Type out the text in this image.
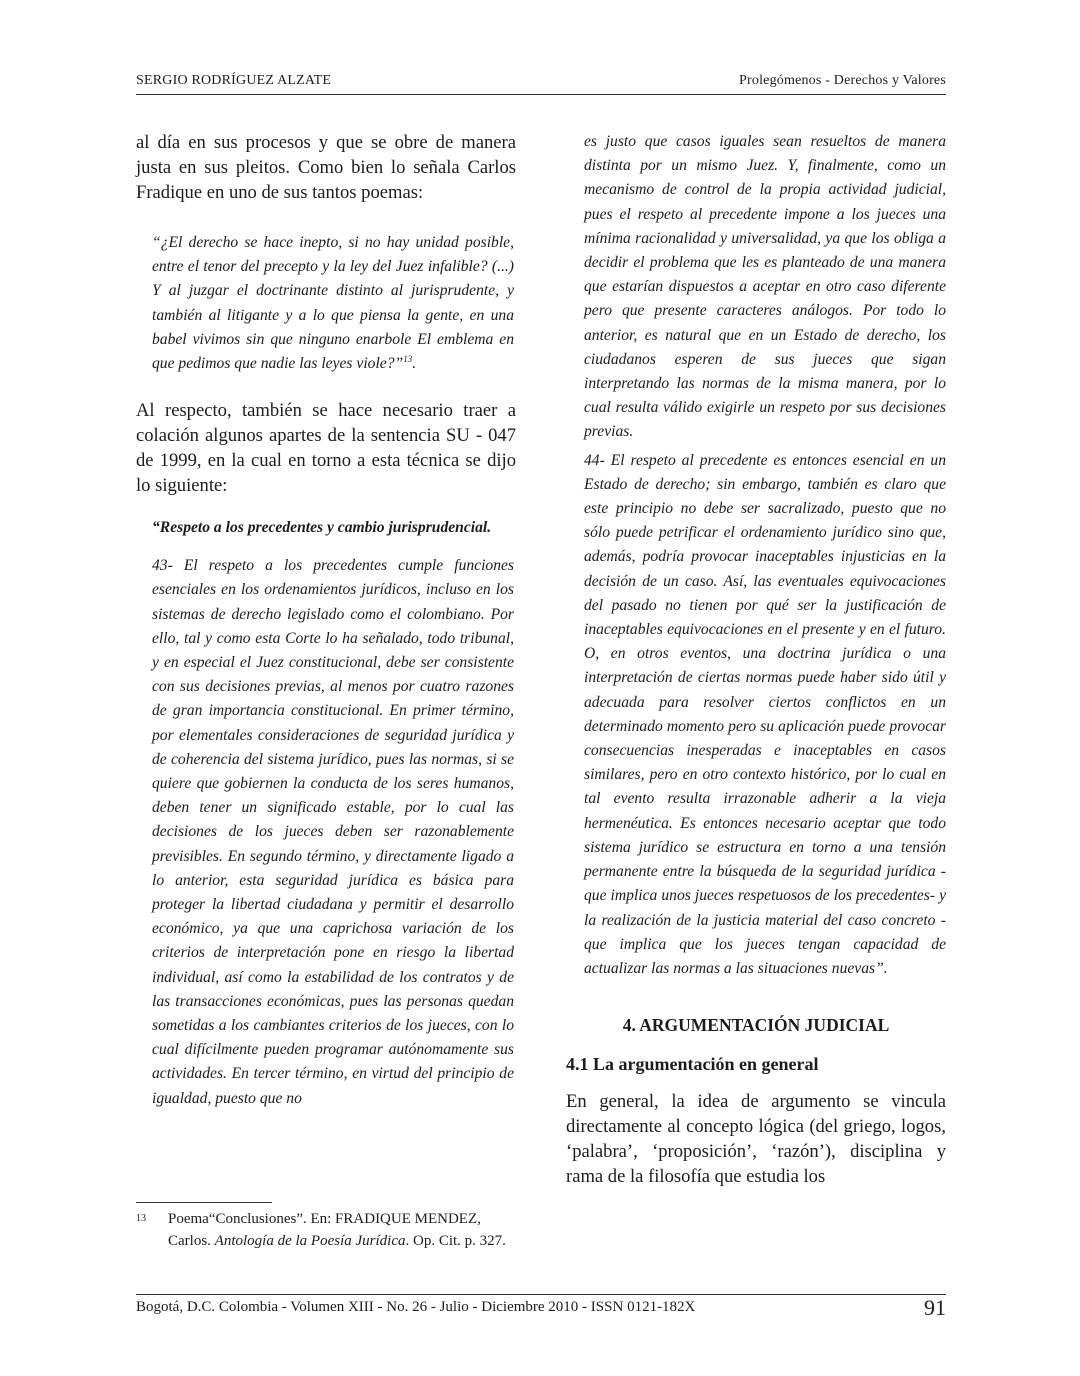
SERGIO RODRÍGUEZ ALZATE	Prolegómenos - Derechos y Valores

al día en sus procesos y que se obre de manera justa en sus pleitos. Como bien lo señala Carlos Fradique en uno de sus tantos poemas:

“¿El derecho se hace inepto, si no hay unidad posible, entre el tenor del precepto y la ley del Juez infalible? (...) Y al juzgar el doctrinante distinto al jurisprudente, y también al litigante y a lo que piensa la gente, en una babel vivimos sin que ninguno enarbole El emblema en que pedimos que nadie las leyes viole?”$^{13}$.

Al respecto, también se hace necesario traer a colación algunos apartes de la sentencia SU - 047 de 1999, en la cual en torno a esta técnica se dijo lo siguiente:

“Respeto a los precedentes y cambio jurisprudencial.

43- El respeto a los precedentes cumple funciones esenciales en los ordenamientos jurídicos, incluso en los sistemas de derecho legislado como el colombiano. Por ello, tal y como esta Corte lo ha señalado, todo tribunal, y en especial el Juez constitucional, debe ser consistente con sus decisiones previas, al menos por cuatro razones de gran importancia constitucional. En primer término, por elementales consideraciones de seguridad jurídica y de coherencia del sistema jurídico, pues las normas, si se quiere que gobiernen la conducta de los seres humanos, deben tener un significado estable, por lo cual las decisiones de los jueces deben ser razonablemente previsibles. En segundo término, y directamente ligado a lo anterior, esta seguridad jurídica es básica para proteger la libertad ciudadana y permitir el desarrollo económico, ya que una caprichosa variación de los criterios de interpretación pone en riesgo la libertad individual, así como la estabilidad de los contratos y de las transacciones económicas, pues las personas quedan sometidas a los cambiantes criterios de los jueces, con lo cual difícilmente pueden programar autónomamente sus actividades. En tercer término, en virtud del principio de igualdad, puesto que no

es justo que casos iguales sean resueltos de manera distinta por un mismo Juez. Y, finalmente, como un mecanismo de control de la propia actividad judicial, pues el respeto al precedente impone a los jueces una mínima racionalidad y universalidad, ya que los obliga a decidir el problema que les es planteado de una manera que estarían dispuestos a aceptar en otro caso diferente pero que presente caracteres análogos. Por todo lo anterior, es natural que en un Estado de derecho, los ciudadanos esperen de sus jueces que sigan interpretando las normas de la misma manera, por lo cual resulta válido exigirle un respeto por sus decisiones previas.

44- El respeto al precedente es entonces esencial en un Estado de derecho; sin embargo, también es claro que este principio no debe ser sacralizado, puesto que no sólo puede petrificar el ordenamiento jurídico sino que, además, podría provocar inaceptables injusticias en la decisión de un caso. Así, las eventuales equivocaciones del pasado no tienen por qué ser la justificación de inaceptables equivocaciones en el presente y en el futuro. O, en otros eventos, una doctrina jurídica o una interpretación de ciertas normas puede haber sido útil y adecuada para resolver ciertos conflictos en un determinado momento pero su aplicación puede provocar consecuencias inesperadas e inaceptables en casos similares, pero en otro contexto histórico, por lo cual en tal evento resulta irrazonable adherir a la vieja hermenéutica. Es entonces necesario aceptar que todo sistema jurídico se estructura en torno a una tensión permanente entre la búsqueda de la seguridad jurídica -que implica unos jueces respetuosos de los precedentes- y la realización de la justicia material del caso concreto -que implica que los jueces tengan capacidad de actualizar las normas a las situaciones nuevas”.

4. ARGUMENTACIÓN JUDICIAL

4.1 La argumentación en general

En general, la idea de argumento se vincula directamente al concepto lógica (del griego, logos, ‘palabra’, ‘proposición’, ‘razón’), disciplina y rama de la filosofía que estudia los

13 Poema“Conclusiones”. En: FRADIQUE MENDEZ, Carlos. Antología de la Poesía Jurídica. Op. Cit. p. 327.
Bogotá, D.C. Colombia - Volumen XIII - No. 26 - Julio - Diciembre 2010 - ISSN 0121-182X	91
